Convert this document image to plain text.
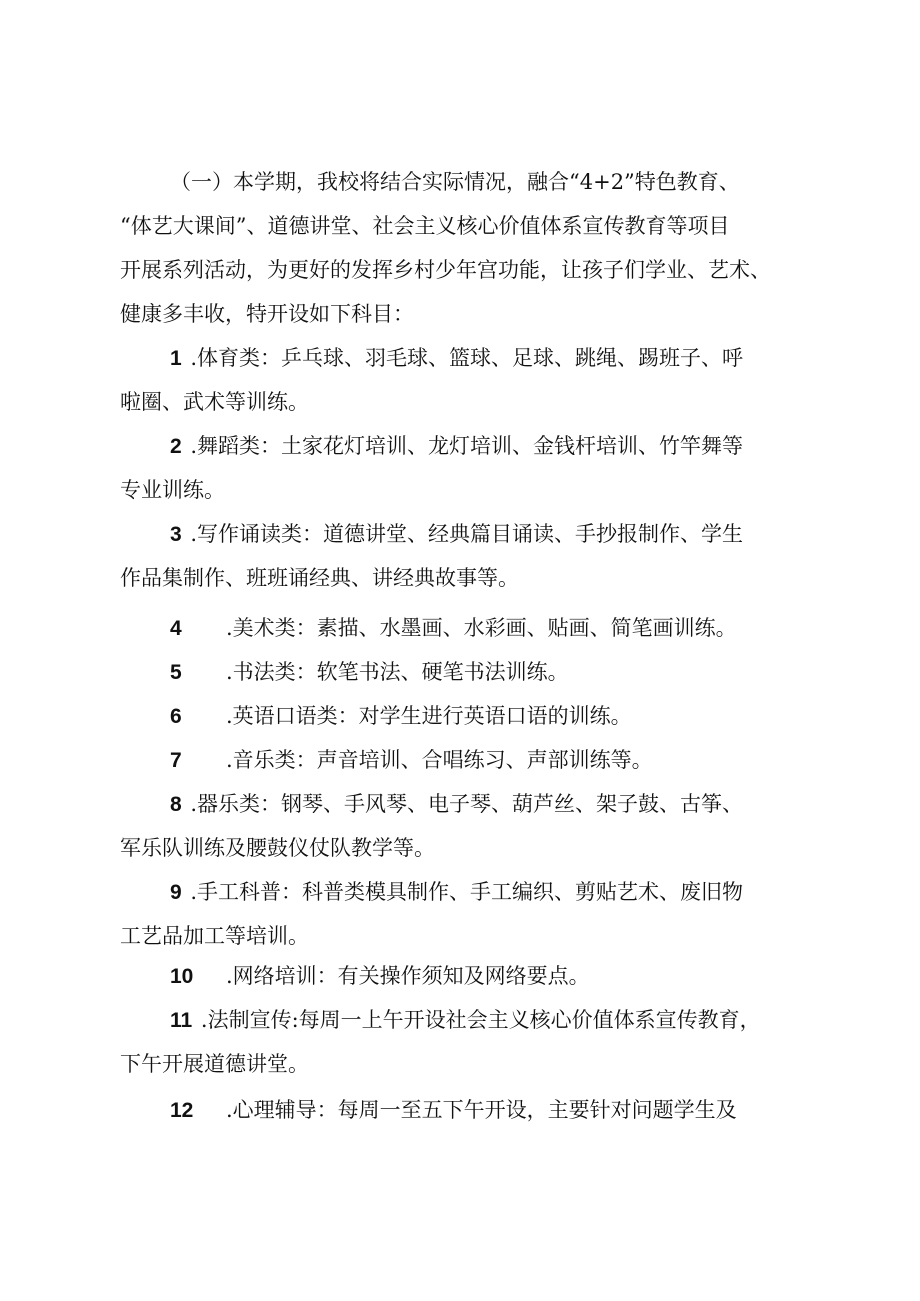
（一）本学期，我校将结合实际情况，融合“4+2”特色教育、
“体艺大课间”、道德讲堂、社会主义核心价值体系宣传教育等项目
开展系列活动，为更好的发挥乡村少年宫功能，让孩子们学业、艺术、
健康多丰收，特开设如下科目：
1 .体育类：乒乓球、羽毛球、篮球、足球、跳绳、踢班子、呼
啦圈、武术等训练。
2 .舞蹈类：土家花灯培训、龙灯培训、金钱杆培训、竹竿舞等
专业训练。
3 .写作诵读类：道德讲堂、经典篇目诵读、手抄报制作、学生
作品集制作、班班诵经典、讲经典故事等。
4 .美术类：素描、水墨画、水彩画、贴画、简笔画训练。
5 .书法类：软笔书法、硬笔书法训练。
6 .英语口语类：对学生进行英语口语的训练。
7 .音乐类：声音培训、合唱练习、声部训练等。
8 .器乐类：钢琴、手风琴、电子琴、葫芦丝、架子鼓、古筝、
军乐队训练及腰鼓仪仗队教学等。
9 .手工科普：科普类模具制作、手工编织、剪贴艺术、废旧物
工艺品加工等培训。
10 .网络培训：有关操作须知及网络要点。
11 .法制宣传:每周一上午开设社会主义核心价值体系宣传教育，
下午开展道德讲堂。
12 .心理辅导：每周一至五下午开设，主要针对问题学生及
